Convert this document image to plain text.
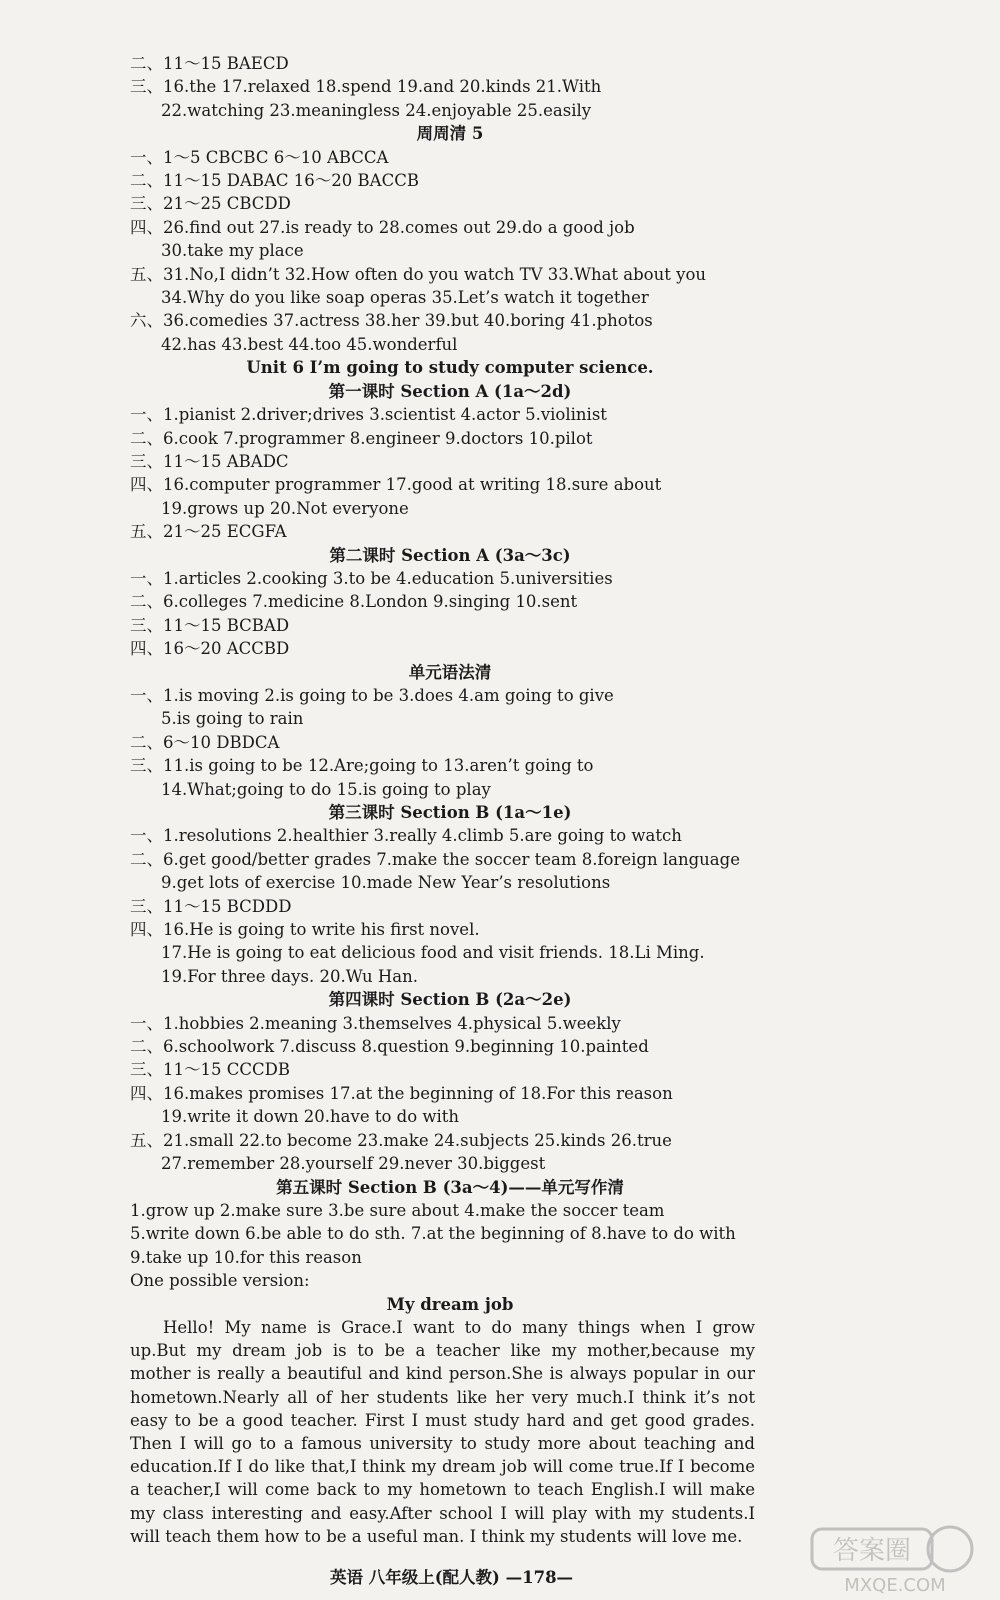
二、11～15 BAECD
三、16.the 17.relaxed 18.spend 19.and 20.kinds 21.With
22.watching 23.meaningless 24.enjoyable 25.easily
周周清 5
一、1～5 CBCBC 6～10 ABCCA
二、11～15 DABAC 16～20 BACCB
三、21～25 CBCDD
四、26.find out 27.is ready to 28.comes out 29.do a good job
30.take my place
五、31.No,I didn’t 32.How often do you watch TV 33.What about you
34.Why do you like soap operas 35.Let’s watch it together
六、36.comedies 37.actress 38.her 39.but 40.boring 41.photos
42.has 43.best 44.too 45.wonderful
Unit 6 I’m going to study computer science.
第一课时 Section A (1a～2d)
一、1.pianist 2.driver;drives 3.scientist 4.actor 5.violinist
二、6.cook 7.programmer 8.engineer 9.doctors 10.pilot
三、11～15 ABADC
四、16.computer programmer 17.good at writing 18.sure about
19.grows up 20.Not everyone
五、21～25 ECGFA
第二课时 Section A (3a～3c)
一、1.articles 2.cooking 3.to be 4.education 5.universities
二、6.colleges 7.medicine 8.London 9.singing 10.sent
三、11～15 BCBAD
四、16～20 ACCBD
单元语法清
一、1.is moving 2.is going to be 3.does 4.am going to give
5.is going to rain
二、6～10 DBDCA
三、11.is going to be 12.Are;going to 13.aren’t going to
14.What;going to do 15.is going to play
第三课时 Section B (1a～1e)
一、1.resolutions 2.healthier 3.really 4.climb 5.are going to watch
二、6.get good/better grades 7.make the soccer team 8.foreign language
9.get lots of exercise 10.made New Year’s resolutions
三、11～15 BCDDD
四、16.He is going to write his first novel.
17.He is going to eat delicious food and visit friends. 18.Li Ming.
19.For three days. 20.Wu Han.
第四课时 Section B (2a～2e)
一、1.hobbies 2.meaning 3.themselves 4.physical 5.weekly
二、6.schoolwork 7.discuss 8.question 9.beginning 10.painted
三、11～15 CCCDB
四、16.makes promises 17.at the beginning of 18.For this reason
19.write it down 20.have to do with
五、21.small 22.to become 23.make 24.subjects 25.kinds 26.true
27.remember 28.yourself 29.never 30.biggest
第五课时 Section B (3a～4)——单元写作清
1.grow up 2.make sure 3.be sure about 4.make the soccer team
5.write down 6.be able to do sth. 7.at the beginning of 8.have to do with
9.take up 10.for this reason
One possible version:
My dream job
Hello! My name is Grace.I want to do many things when I grow up.But my dream job is to be a teacher like my mother,because my mother is really a beautiful and kind person.She is always popular in our hometown.Nearly all of her students like her very much.I think it’s not easy to be a good teacher. First I must study hard and get good grades. Then I will go to a famous university to study more about teaching and education.If I do like that,I think my dream job will come true.If I become a teacher,I will come back to my hometown to teach English.I will make my class interesting and easy.After school I will play with my students.I will teach them how to be a useful man. I think my students will love me.
英语 八年级上(配人教) —178—
答案圈
MXQE.COM
